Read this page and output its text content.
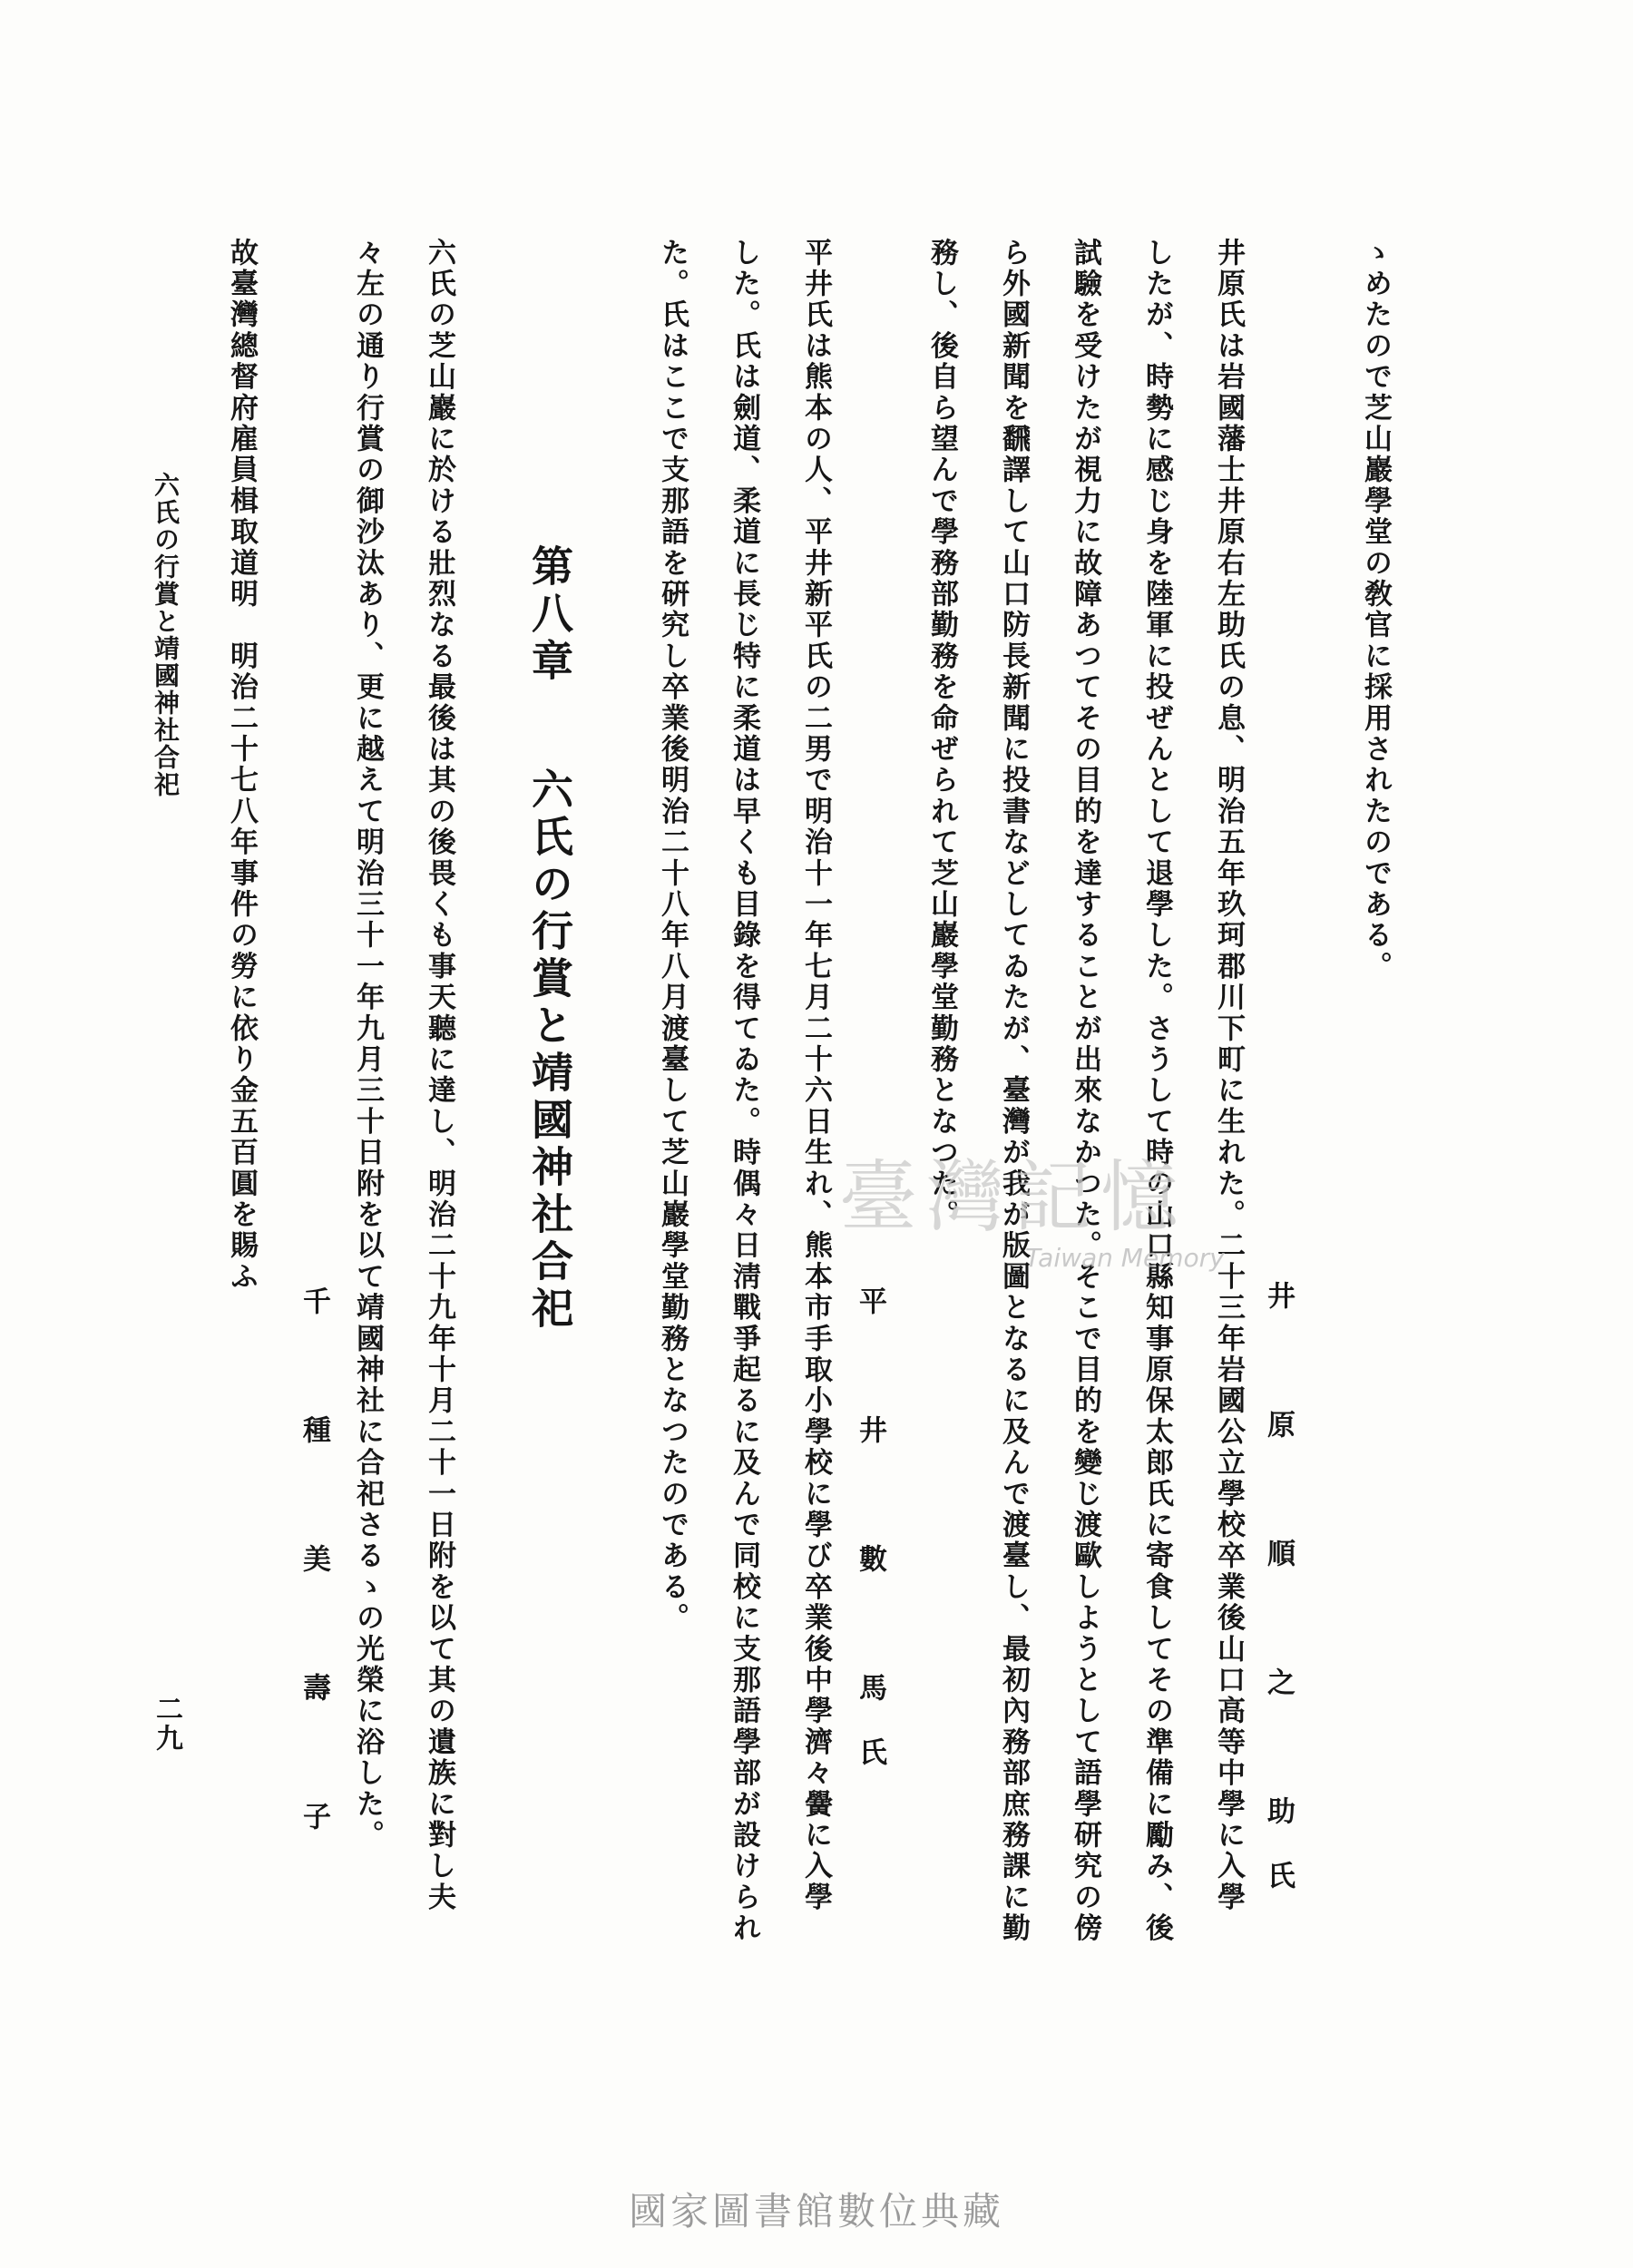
ゝめたので芝山巖學堂の敎官に採用されたのである。
井　原　順　之　助氏
井原氏は岩國藩士井原右左助氏の息、明治五年玖珂郡川下町に生れた。二十三年岩國公立學校卒業後山口高等中學に入學
したが、時勢に感じ身を陸軍に投ぜんとして退學した。さうして時の山口縣知事原保太郎氏に寄食してその準備に勵み、後
試驗を受けたが視力に故障あつてその目的を達することが出來なかつた。そこで目的を變じ渡歐しようとして語學研究の傍
ら外國新聞を飜譯して山口防長新聞に投書などしてゐたが、臺灣が我が版圖となるに及んで渡臺し、最初內務部庶務課に勤
務し、後自ら望んで學務部勤務を命ぜられて芝山巖學堂勤務となつた。
平　井　數　馬氏
平井氏は熊本の人、平井新平氏の二男で明治十一年七月二十六日生れ、熊本市手取小學校に學び卒業後中學濟々黌に入學
した。氏は劍道、柔道に長じ特に柔道は早くも目錄を得てゐた。時偶々日淸戰爭起るに及んで同校に支那語學部が設けられ
た。氏はここで支那語を硏究し卒業後明治二十八年八月渡臺して芝山巖學堂勤務となつたのである。
第八章六氏の行賞と靖國神社合祀
六氏の芝山巖に於ける壯烈なる最後は其の後畏くも事天聽に達し、明治二十九年十月二十一日附を以て其の遺族に對し夫
々左の通り行賞の御沙汰あり、更に越えて明治三十一年九月三十日附を以て靖國神社に合祀さるゝの光榮に浴した。
千　種　美　壽　子
故臺灣總督府雇員楫取道明　明治二十七八年事件の勞に依り金五百圓を賜ふ
六氏の行賞と靖國神社合祀
二九
臺灣記憶
Taiwan Memory
國家圖書館數位典藏
